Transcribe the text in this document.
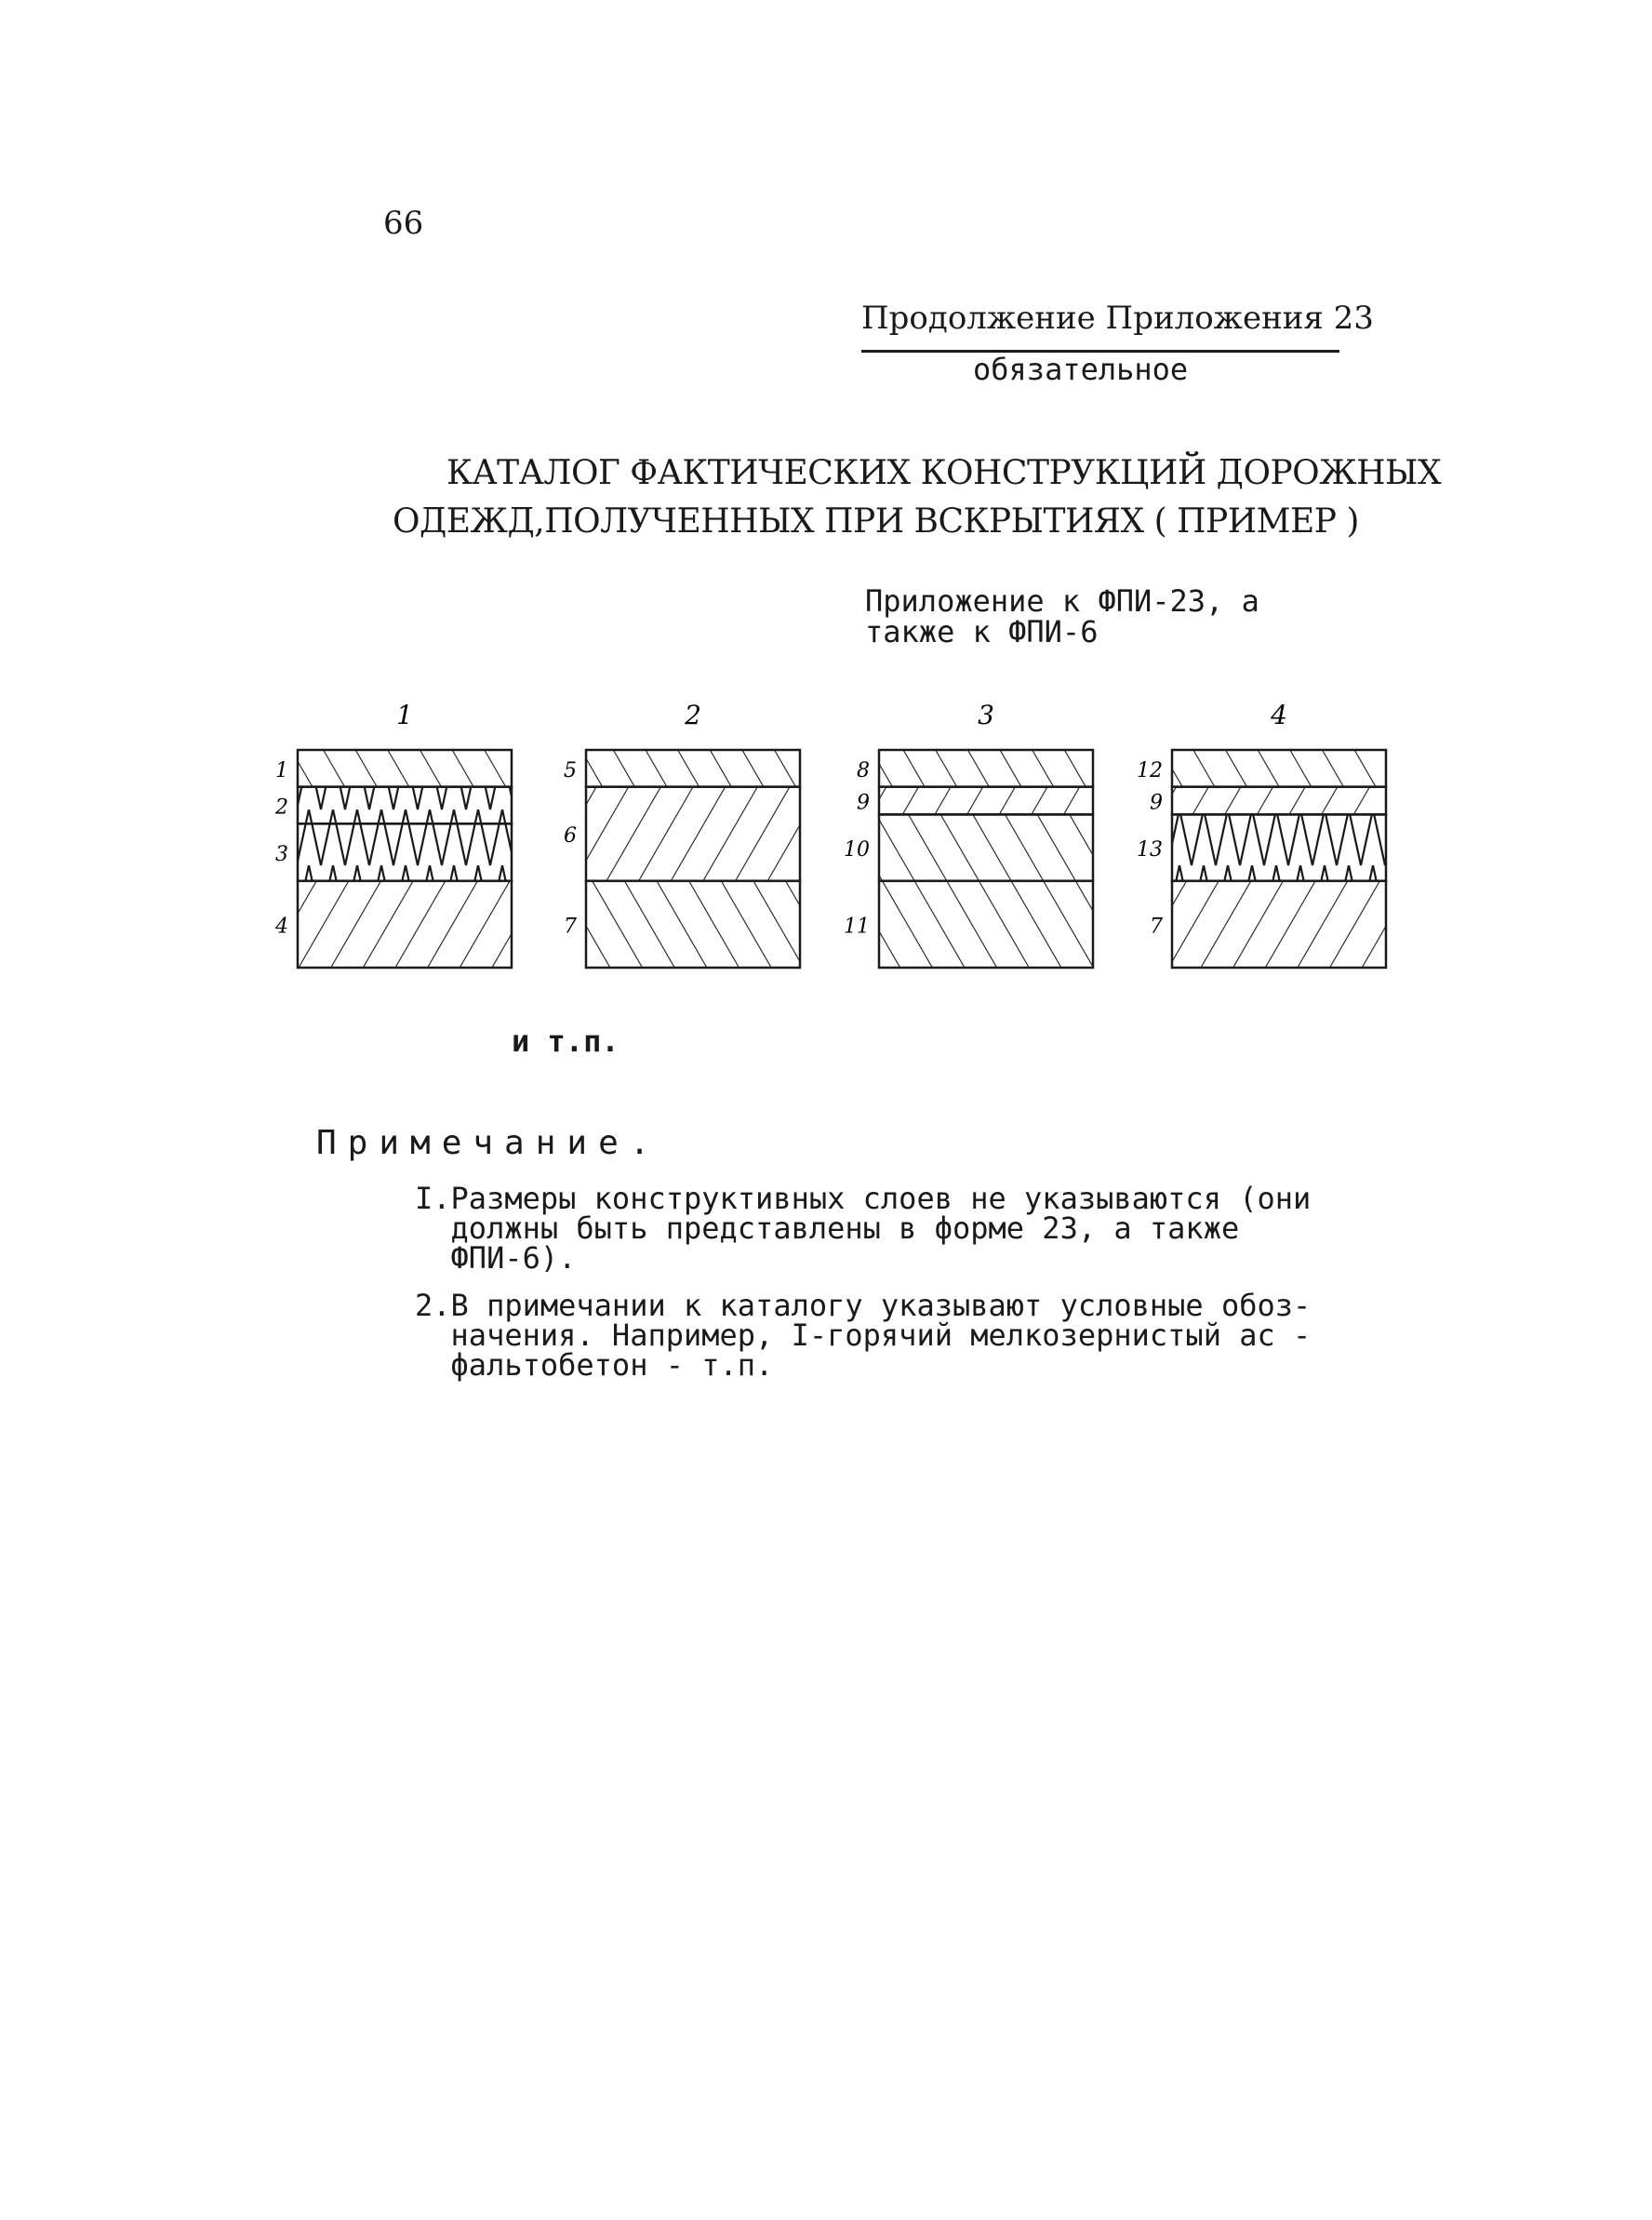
66
Продолжение Приложения 23
обязательное
КАТАЛОГ ФАКТИЧЕСКИХ КОНСТРУКЦИЙ ДОРОЖНЫХ
ОДЕЖД,ПОЛУЧЕННЫХ ПРИ ВСКРЫТИЯХ ( ПРИМЕР )
Приложение к ФПИ-23, а
также к ФПИ-6
1
1
2
3
4
2
5
6
7
3
8
9
10
11
4
12
9
13
7
и т.п.
Примечание.
I.Размеры конструктивных слоев не указываются (они
должны быть представлены в форме 23, а также
ФПИ-6).
2.В примечании к каталогу указывают условные обоз-
начения. Например, I-горячий мелкозернистый ас -
фальтобетон - т.п.
